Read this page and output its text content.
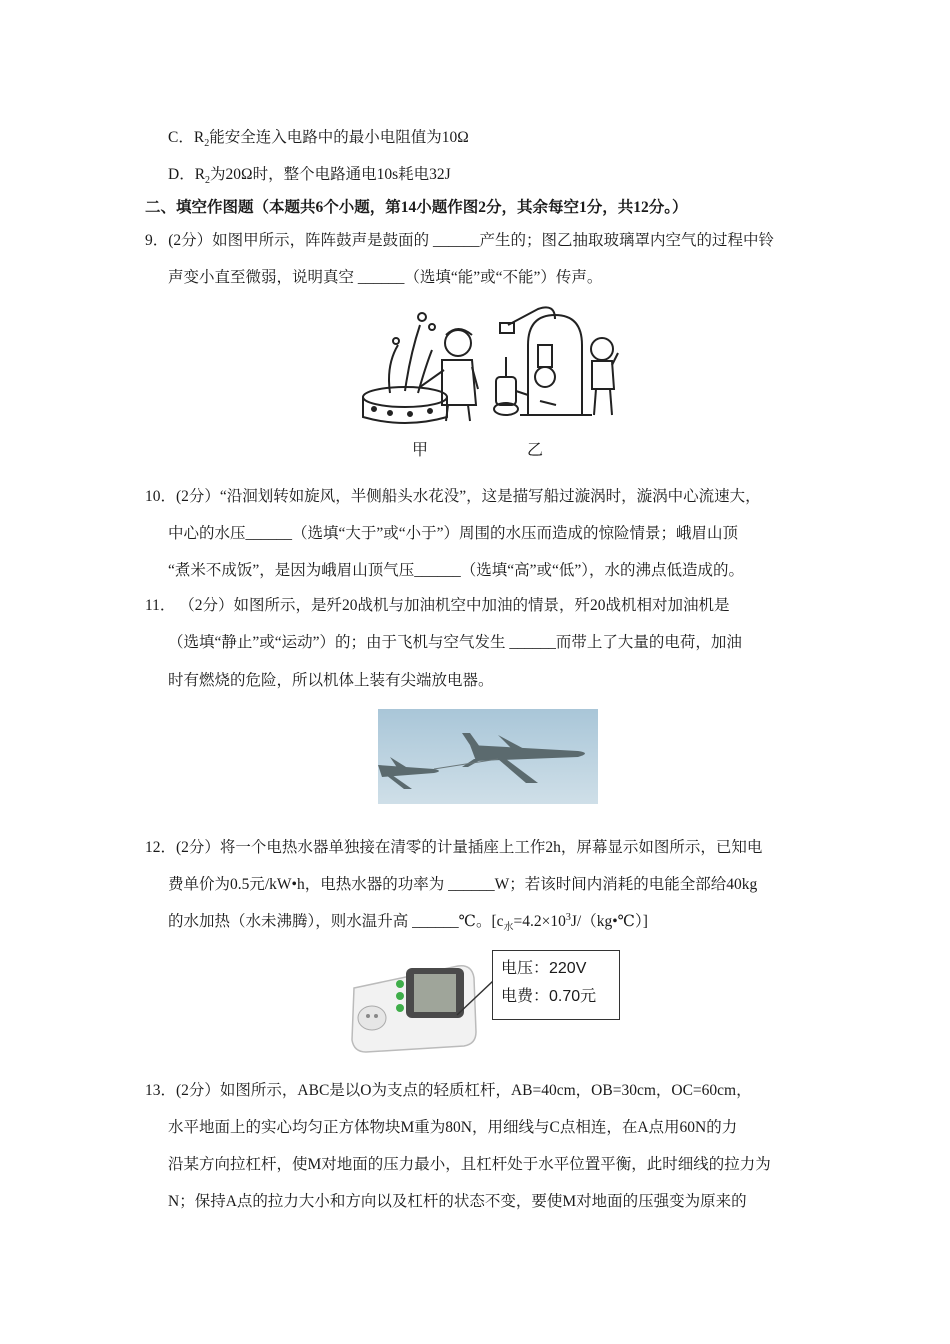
C．$R_2$能安全连入电路中的最小电阻值为10Ω
D．$R_2$为20Ω时，整个电路通电10s耗电32J
二、填空作图题（本题共6个小题，第14小题作图2分，其余每空1分，共12分。）
9．(2分）如图甲所示，阵阵鼓声是鼓面的 ______产生的；图乙抽取玻璃罩内空气的过程中铃
声变小直至微弱，说明真空 ______（选填“能”或“不能”）传声。
甲	乙
10．(2分）“沿洄划转如旋风，半侧船头水花没”，这是描写船过漩涡时，漩涡中心流速大，
中心的水压______（选填“大于”或“小于”）周围的水压而造成的惊险情景；峨眉山顶
“煮米不成饭”，是因为峨眉山顶气压______（选填“高”或“低”），水的沸点低造成的。
11． （2分）如图所示，是歼20战机与加油机空中加油的情景，歼20战机相对加油机是
（选填“静止”或“运动”）的；由于飞机与空气发生 ______而带上了大量的电荷，加油
时有燃烧的危险，所以机体上装有尖端放电器。
12．(2分）将一个电热水器单独接在清零的计量插座上工作2h，屏幕显示如图所示，已知电
费单价为0.5元/kW•h，电热水器的功率为 ______W；若该时间内消耗的电能全部给40kg
的水加热（水未沸腾），则水温升高 ______℃。$[c_水=4.2\times 10^3J/(kg•℃)]$
电压：220V
电费：0.70元
13．(2分）如图所示，ABC是以O为支点的轻质杠杆，AB=40cm，OB=30cm，OC=60cm，
水平地面上的实心均匀正方体物块M重为80N，用细线与C点相连，在A点用60N的力
沿某方向拉杠杆，使M对地面的压力最小，且杠杆处于水平位置平衡，此时细线的拉力为
N；保持A点的拉力大小和方向以及杠杆的状态不变，要使M对地面的压强变为原来的
